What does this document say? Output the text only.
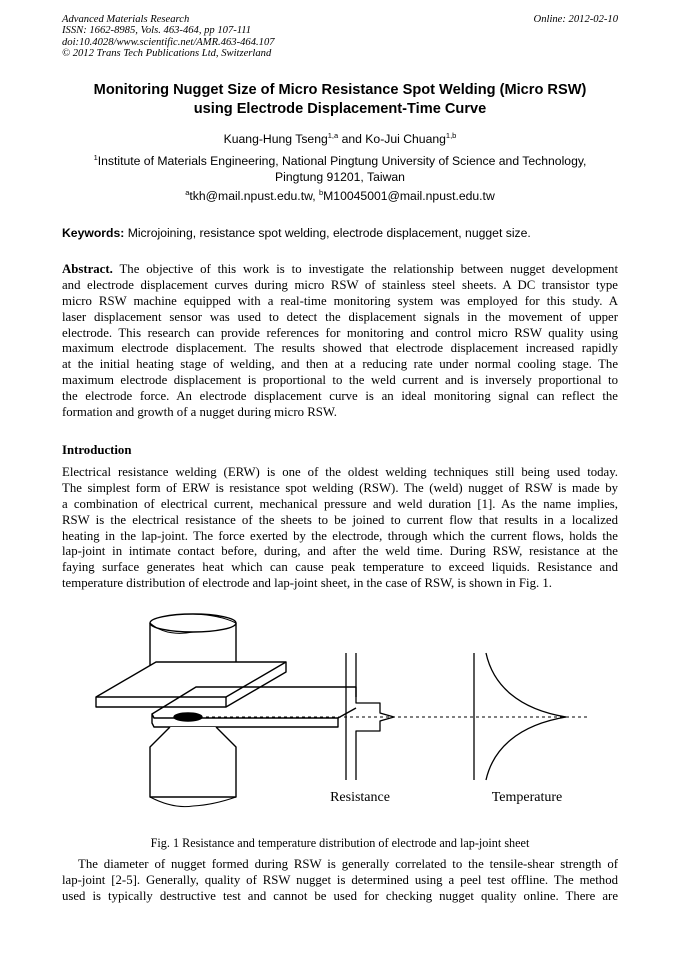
Advanced Materials Research
ISSN: 1662-8985, Vols. 463-464, pp 107-111
doi:10.4028/www.scientific.net/AMR.463-464.107
© 2012 Trans Tech Publications Ltd, Switzerland
Online: 2012-02-10
Monitoring Nugget Size of Micro Resistance Spot Welding (Micro RSW)
using Electrode Displacement-Time Curve
Kuang-Hung Tseng$^{1,a}$ and Ko-Jui Chuang$^{1,b}$
$^1$Institute of Materials Engineering, National Pingtung University of Science and Technology,
Pingtung 91201, Taiwan
$^a$tkh@mail.npust.edu.tw, $^b$M10045001@mail.npust.edu.tw
Keywords: Microjoining, resistance spot welding, electrode displacement, nugget size.
Abstract. The objective of this work is to investigate the relationship between nugget development
and electrode displacement curves during micro RSW of stainless steel sheets. A DC transistor type
micro RSW machine equipped with a real-time monitoring system was employed for this study. A
laser displacement sensor was used to detect the displacement signals in the movement of upper
electrode. This research can provide references for monitoring and control micro RSW quality using
maximum electrode displacement. The results showed that electrode displacement increased rapidly
at the initial heating stage of welding, and then at a reducing rate under normal cooling stage. The
maximum electrode displacement is proportional to the weld current and is inversely proportional to
the electrode force. An electrode displacement curve is an ideal monitoring signal can reflect the
formation and growth of a nugget during micro RSW.
Introduction
Electrical resistance welding (ERW) is one of the oldest welding techniques still being used today.
The simplest form of ERW is resistance spot welding (RSW). The (weld) nugget of RSW is made by
a combination of electrical current, mechanical pressure and weld duration [1]. As the name implies,
RSW is the electrical resistance of the sheets to be joined to current flow that results in a localized
heating in the lap-joint. The force exerted by the electrode, through which the current flows, holds the
lap-joint in intimate contact before, during, and after the weld time. During RSW, resistance at the
faying surface generates heat which can cause peak temperature to exceed liquids. Resistance and
temperature distribution of electrode and lap-joint sheet, in the case of RSW, is shown in Fig. 1.
Resistance	Temperature
Fig. 1 Resistance and temperature distribution of electrode and lap-joint sheet
The diameter of nugget formed during RSW is generally correlated to the tensile-shear strength of
lap-joint [2-5]. Generally, quality of RSW nugget is determined using a peel test offline. The method
used is typically destructive test and cannot be used for checking nugget quality online. There are
